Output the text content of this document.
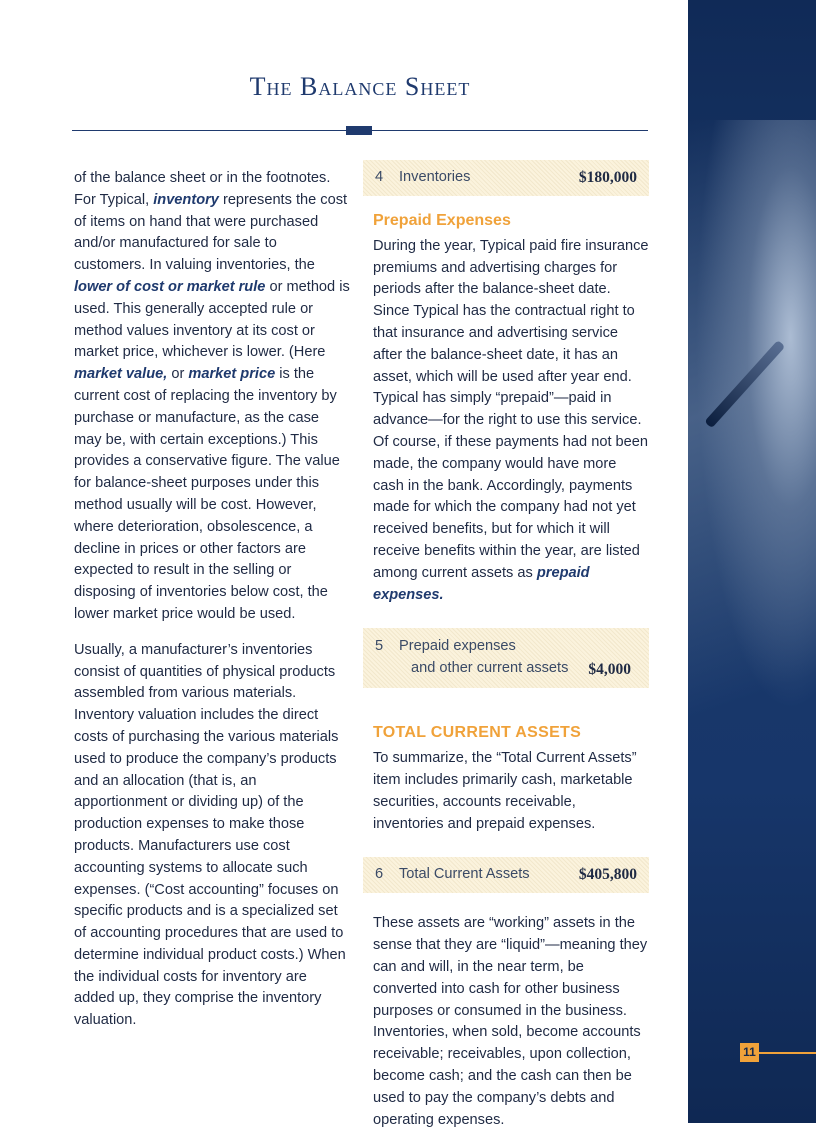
The Balance Sheet

of the balance sheet or in the footnotes. For Typical, inventory represents the cost of items on hand that were purchased and/or manufactured for sale to customers. In valuing inventories, the lower of cost or market rule or method is used. This generally accepted rule or method values inventory at its cost or market price, whichever is lower. (Here market value, or market price is the current cost of replacing the inventory by purchase or manufacture, as the case may be, with certain exceptions.) This provides a conservative figure. The value for balance-sheet purposes under this method usually will be cost. However, where deterioration, obsolescence, a decline in prices or other factors are expected to result in the selling or disposing of inventories below cost, the lower market price would be used.

Usually, a manufacturer’s inventories consist of quantities of physical products assembled from various materials. Inventory valuation includes the direct costs of purchasing the various materials used to produce the company’s products and an allocation (that is, an apportionment or dividing up) of the production expenses to make those products. Manufacturers use cost accounting systems to allocate such expenses. (“Cost accounting” focuses on specific products and is a specialized set of accounting procedures that are used to determine individual product costs.) When the individual costs for inventory are added up, they comprise the inventory valuation.

4	Inventories	$180,000
Prepaid Expenses

During the year, Typical paid fire insurance premiums and advertising charges for periods after the balance-sheet date. Since Typical has the contractual right to that insurance and advertising service after the balance-sheet date, it has an asset, which will be used after year end. Typical has simply “prepaid”—paid in advance—for the right to use this service. Of course, if these payments had not been made, the company would have more cash in the bank. Accordingly, payments made for which the company had not yet received benefits, but for which it will receive benefits within the year, are listed among current assets as prepaid expenses.

5 Prepaid expenses
and other current assets $4,000
TOTAL CURRENT ASSETS

To summarize, the “Total Current Assets” item includes primarily cash, marketable securities, accounts receivable, inventories and prepaid expenses.

6	Total Current Assets	$405,800

These assets are “working” assets in the sense that they are “liquid”—meaning they can and will, in the near term, be converted into cash for other business purposes or consumed in the business. Inventories, when sold, become accounts receivable; receivables, upon collection, become cash; and the cash can then be used to pay the company’s debts and operating expenses.

11
